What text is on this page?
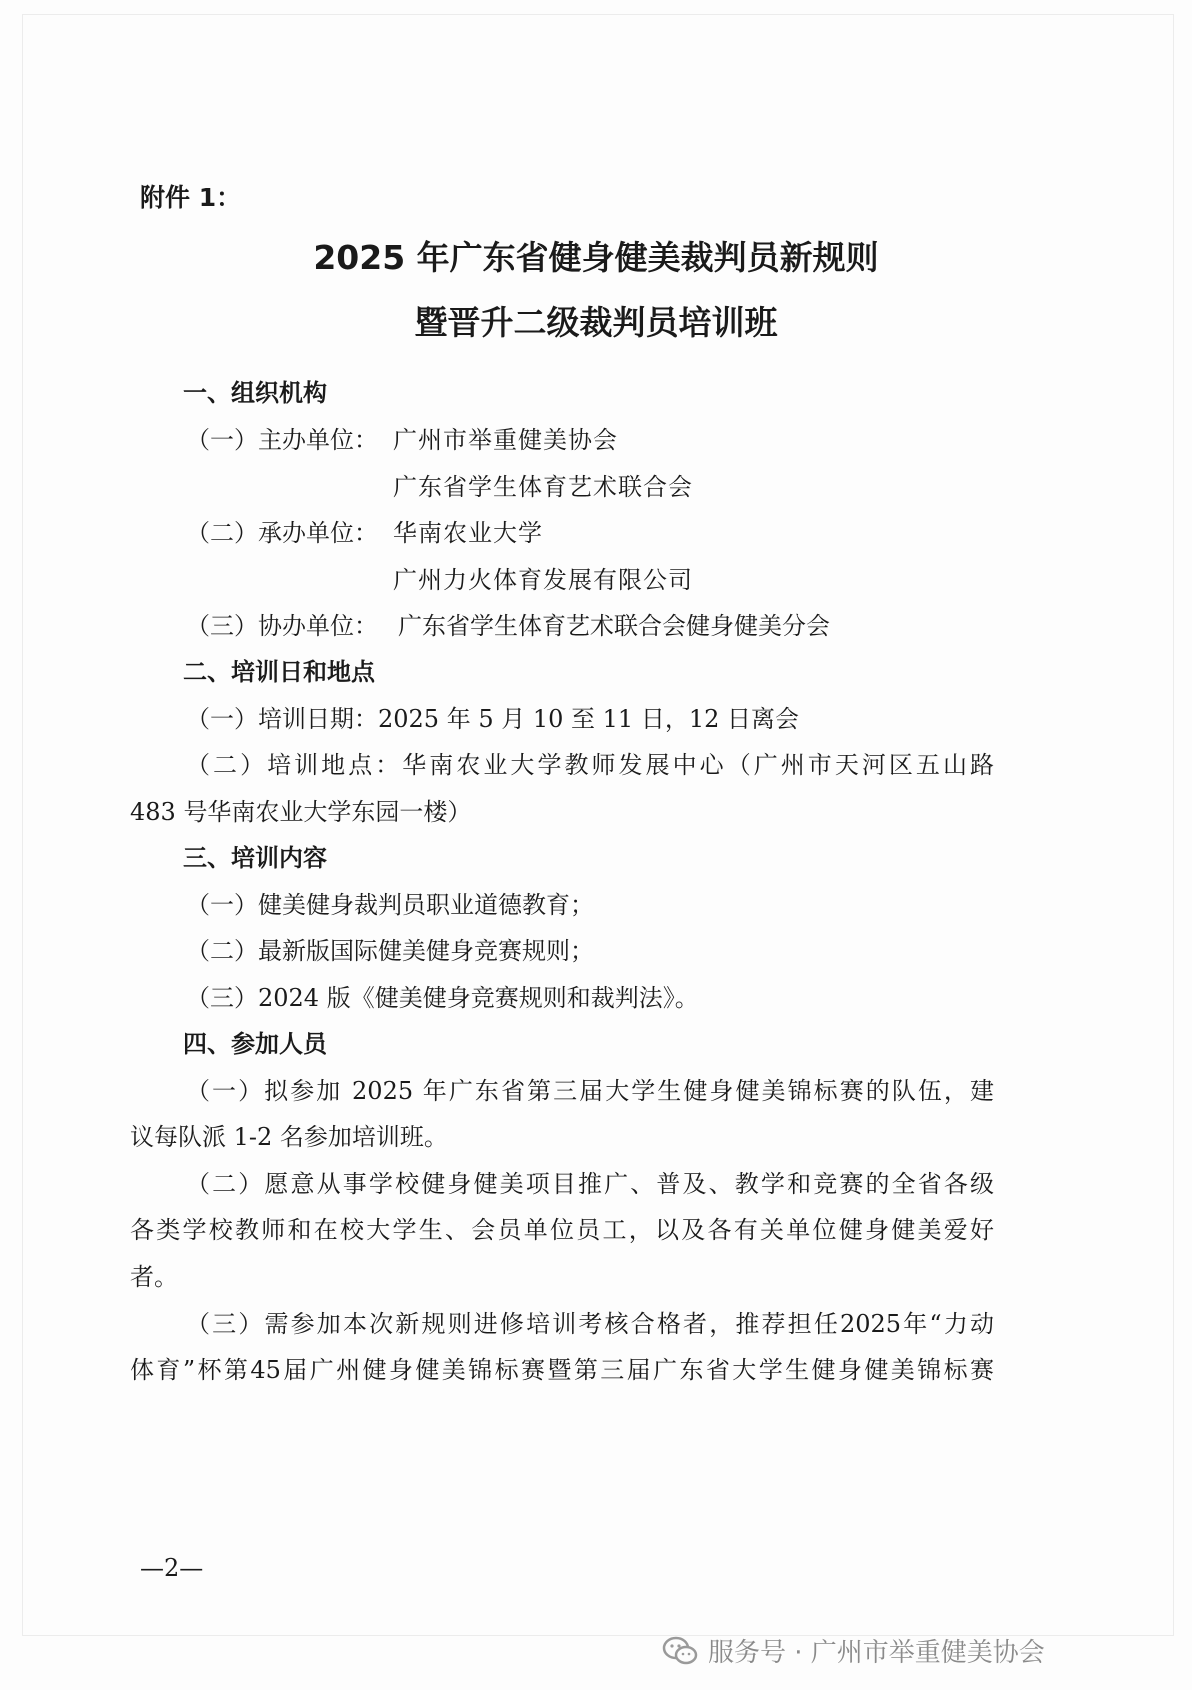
附件 1：
2025 年广东省健身健美裁判员新规则
暨晋升二级裁判员培训班
一、组织机构
（一）主办单位： 广州市举重健美协会
广东省学生体育艺术联合会
（二）承办单位： 华南农业大学
广州力火体育发展有限公司
（三）协办单位： 广东省学生体育艺术联合会健身健美分会
二、培训日和地点
（一）培训日期：2025 年 5 月 10 至 11 日，12 日离会
（二）培训地点：华南农业大学教师发展中心（广州市天河区五山路
483 号华南农业大学东园一楼）
三、培训内容
（一）健美健身裁判员职业道德教育；
（二）最新版国际健美健身竞赛规则；
（三）2024 版《健美健身竞赛规则和裁判法》。
四、参加人员
（一）拟参加 2025 年广东省第三届大学生健身健美锦标赛的队伍，建
议每队派 1-2 名参加培训班。
（二）愿意从事学校健身健美项目推广、普及、教学和竞赛的全省各级
各类学校教师和在校大学生、会员单位员工，以及各有关单位健身健美爱好
者。
（三）需参加本次新规则进修培训考核合格者，推荐担任2025年“力动
体育”杯第45届广州健身健美锦标赛暨第三届广东省大学生健身健美锦标赛
—2—
服务号 · 广州市举重健美协会
